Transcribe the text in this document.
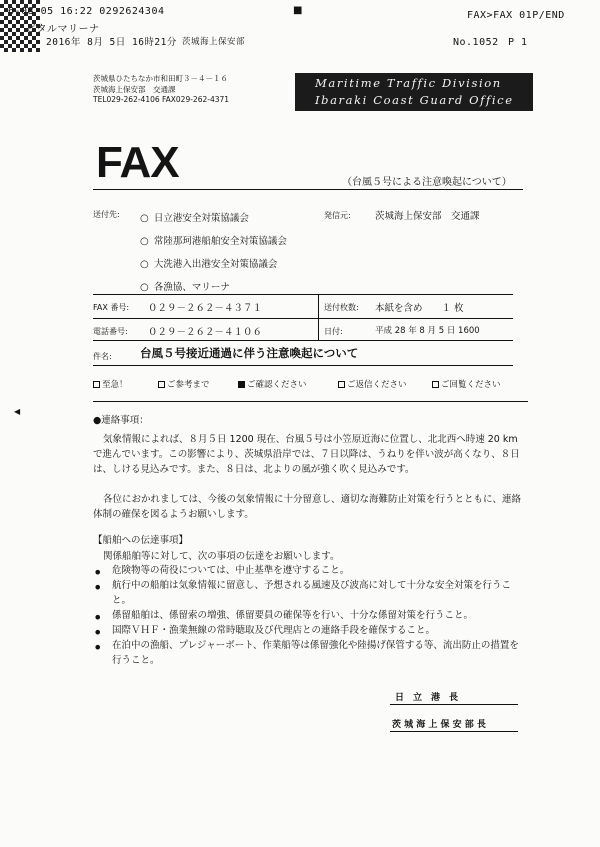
6-08-05 16:22 0292624304
ビタルマリーナ
2016年 8月 5日 16時21分 茨城海上保安部
■	FAX>FAX 01P/END
No.1052 P 1
茨城県ひたちなか市和田町３－４－１６
茨城海上保安部　交通課
TEL029-262-4106 FAX029-262-4371
Maritime Traffic Division
Ibaraki Coast Guard Office
FAX	（台風５号による注意喚起について）
送付先: ○ 日立港安全対策協議会
○ 常陸那珂港船舶安全対策協議会
○ 大洗港入出港安全対策協議会
○ 各漁協、マリーナ
発信元:	茨城海上保安部　交通課
FAX 番号: ０２９－２６２－４３７１	送付枚数: 本紙を含め　　１ 枚
電話番号: ０２９－２６２－４１０６	日付:	平成 28 年 8 月 5 日 1600
件名: 台風５号接近通過に伴う注意喚起について
至急！	ご参考まで	ご確認ください	ご返信ください	ご回覧ください
◀
●連絡事項：
気象情報によれば、８月５日 1200 現在、台風５号は小笠原近海に位置し、北北西へ時速 20 kmで進んでいます。この影響により、茨城県沿岸では、７日以降は、うねりを伴い波が高くなり、８日は、しける見込みです。また、８日は、北よりの風が強く吹く見込みです。
各位におかれましては、今後の気象情報に十分留意し、適切な海難防止対策を行うとともに、連絡体制の確保を図るようお願いします。
【船舶への伝達事項】
関係船舶等に対して、次の事項の伝達をお願いします。
• 危険物等の荷役については、中止基準を遵守すること。
• 航行中の船舶は気象情報に留意し、予想される風速及び波高に対して十分な安全対策を行うこと。
• 係留船舶は、係留索の増強、係留要員の確保等を行い、十分な係留対策を行うこと。
• 国際ＶＨＦ・漁業無線の常時聴取及び代理店との連絡手段を確保すること。
• 在泊中の漁船、プレジャーボート、作業船等は係留強化や陸揚げ保管する等、流出防止の措置を行うこと。
日　立　港　長
茨 城 海 上 保 安 部 長
